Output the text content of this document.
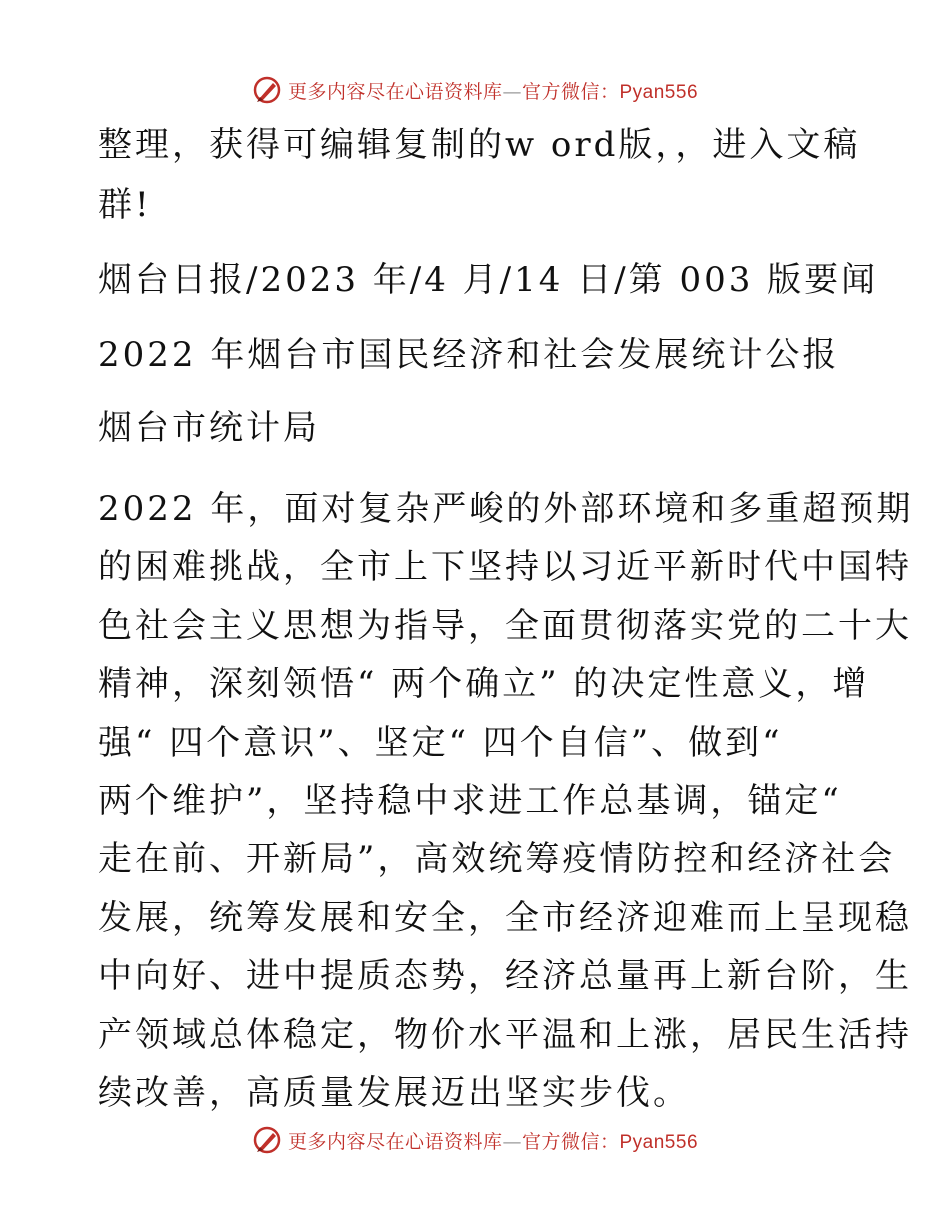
更多内容尽在心语资料库—官方微信：Pyan556
整理，获得可编辑复制的w ord版，，进入文稿
群!
烟台日报/2023 年/4 月/14 日/第 003 版要闻
2022 年烟台市国民经济和社会发展统计公报
烟台市统计局
2022 年，面对复杂严峻的外部环境和多重超预期
的困难挑战，全市上下坚持以习近平新时代中国特
色社会主义思想为指导，全面贯彻落实党的二十大
精神，深刻领悟“ 两个确立” 的决定性意义，增
强“ 四个意识”、坚定“ 四个自信”、做到“
两个维护”，坚持稳中求进工作总基调，锚定“
走在前、开新局”，高效统筹疫情防控和经济社会
发展，统筹发展和安全，全市经济迎难而上呈现稳
中向好、进中提质态势，经济总量再上新台阶，生
产领域总体稳定，物价水平温和上涨，居民生活持
续改善，高质量发展迈出坚实步伐。
更多内容尽在心语资料库—官方微信：Pyan556
